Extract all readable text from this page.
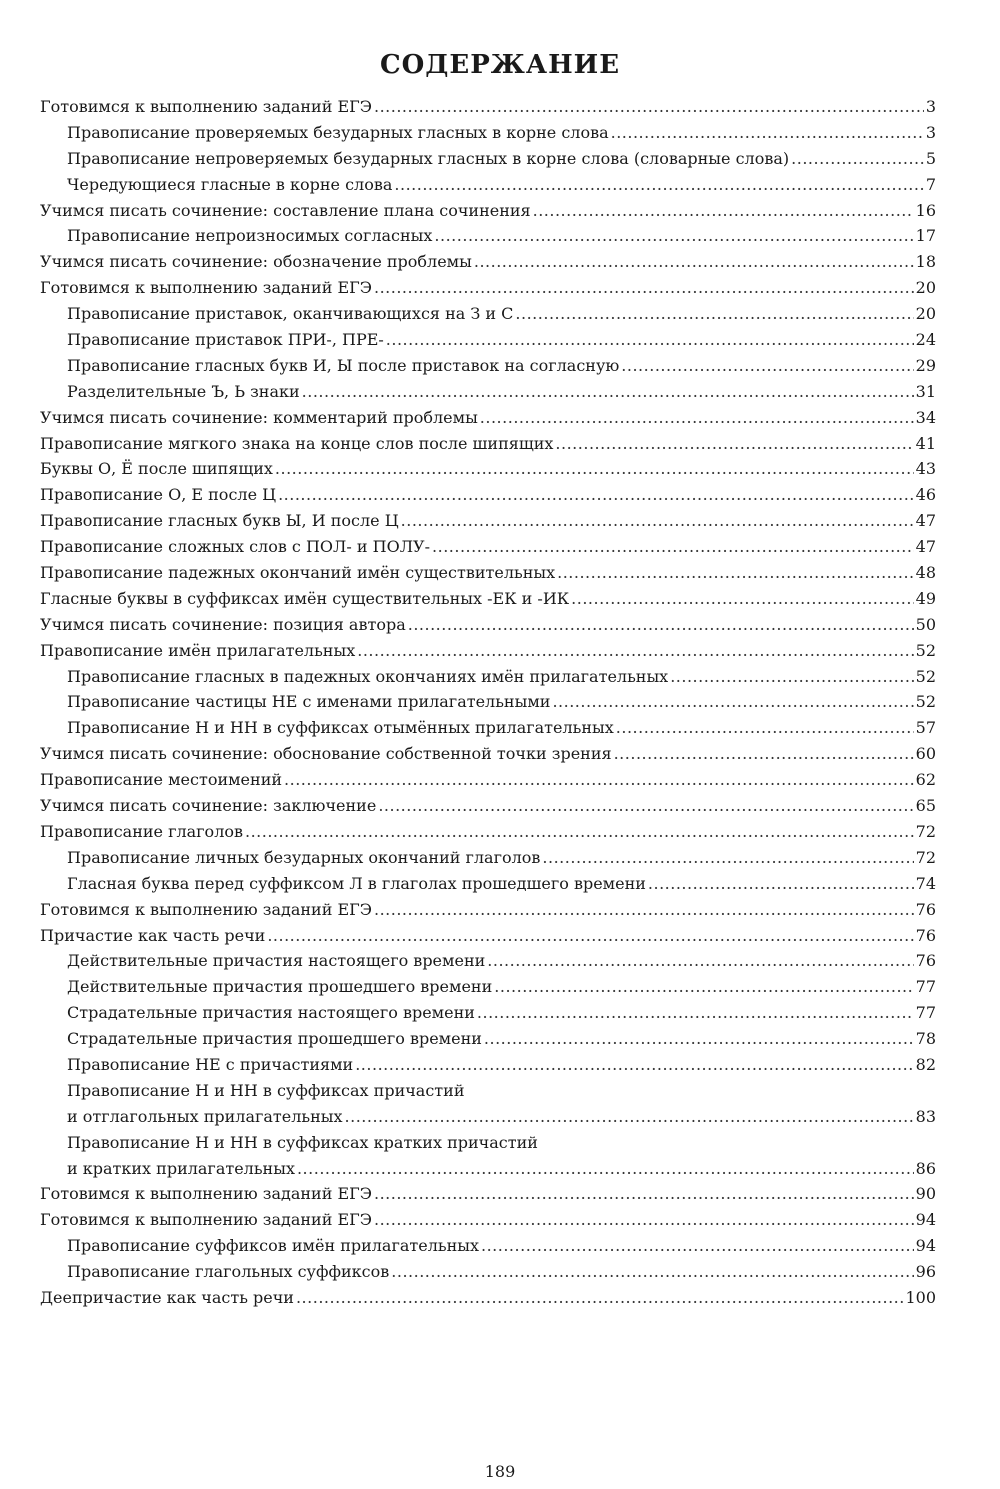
СОДЕРЖАНИЕ
Готовимся к выполнению заданий ЕГЭ .....	3
Правописание проверяемых безударных гласных в корне слова .....	3
Правописание непроверяемых безударных гласных в корне слова (словарные слова) .....	5
Чередующиеся гласные в корне слова .....	7
Учимся писать сочинение: составление плана сочинения .....	16
Правописание непроизносимых согласных .....	17
Учимся писать сочинение: обозначение проблемы .....	18
Готовимся к выполнению заданий ЕГЭ .....	20
Правописание приставок, оканчивающихся на З и С .....	20
Правописание приставок ПРИ-, ПРЕ- .....	24
Правописание гласных букв И, Ы после приставок на согласную .....	29
Разделительные Ъ, Ь знаки .....	31
Учимся писать сочинение: комментарий проблемы .....	34
Правописание мягкого знака на конце слов после шипящих .....	41
Буквы О, Ё после шипящих .....	43
Правописание О, Е после Ц .....	46
Правописание гласных букв Ы, И после Ц .....	47
Правописание сложных слов с ПОЛ- и ПОЛУ- .....	47
Правописание падежных окончаний имён существительных .....	48
Гласные буквы в суффиксах имён существительных -ЕК и -ИК .....	49
Учимся писать сочинение: позиция автора .....	50
Правописание имён прилагательных .....	52
Правописание гласных в падежных окончаниях имён прилагательных .....	52
Правописание частицы НЕ с именами прилагательными .....	52
Правописание Н и НН в суффиксах отымённых прилагательных .....	57
Учимся писать сочинение: обоснование собственной точки зрения .....	60
Правописание местоимений .....	62
Учимся писать сочинение: заключение .....	65
Правописание глаголов .....	72
Правописание личных безударных окончаний глаголов .....	72
Гласная буква перед суффиксом Л в глаголах прошедшего времени .....	74
Готовимся к выполнению заданий ЕГЭ .....	76
Причастие как часть речи .....	76
Действительные причастия настоящего времени .....	76
Действительные причастия прошедшего времени .....	77
Страдательные причастия настоящего времени .....	77
Страдательные причастия прошедшего времени .....	78
Правописание НЕ с причастиями .....	82
Правописание Н и НН в суффиксах причастий
и отглагольных прилагательных .....	83
Правописание Н и НН в суффиксах кратких причастий
и кратких прилагательных .....	86
Готовимся к выполнению заданий ЕГЭ .....	90
Готовимся к выполнению заданий ЕГЭ .....	94
Правописание суффиксов имён прилагательных .....	94
Правописание глагольных суффиксов .....	96
Деепричастие как часть речи .....	100
189
